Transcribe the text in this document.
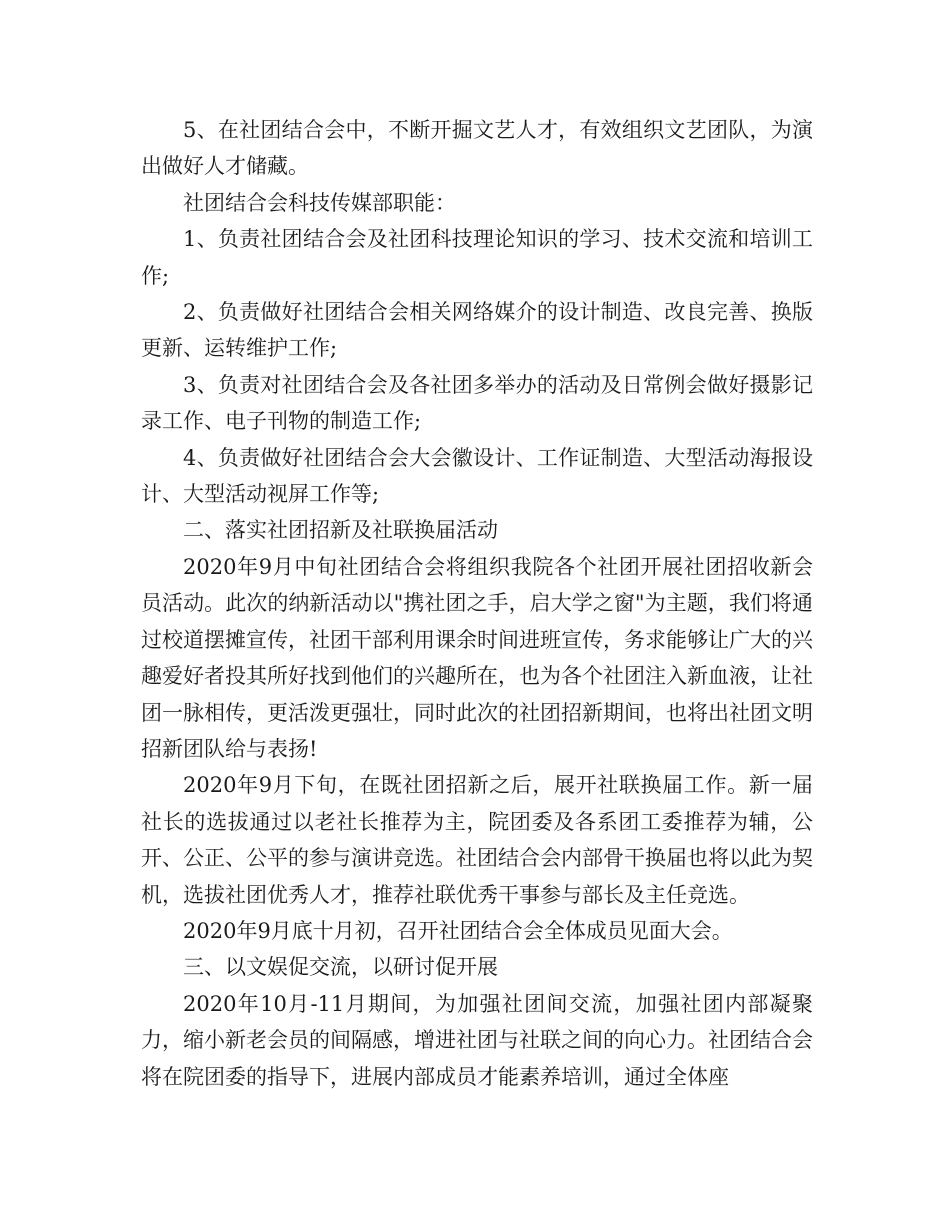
5、在社团结合会中，不断开掘文艺人才，有效组织文艺团队，为演出做好人才储藏。

社团结合会科技传媒部职能：

1、负责社团结合会及社团科技理论知识的学习、技术交流和培训工作;

2、负责做好社团结合会相关网络媒介的设计制造、改良完善、换版更新、运转维护工作;

3、负责对社团结合会及各社团多举办的活动及日常例会做好摄影记录工作、电子刊物的制造工作;

4、负责做好社团结合会大会徽设计、工作证制造、大型活动海报设计、大型活动视屏工作等;

二、落实社团招新及社联换届活动

2020年9月中旬社团结合会将组织我院各个社团开展社团招收新会员活动。此次的纳新活动以"携社团之手，启大学之窗"为主题，我们将通过校道摆摊宣传，社团干部利用课余时间进班宣传，务求能够让广大的兴趣爱好者投其所好找到他们的兴趣所在，也为各个社团注入新血液，让社团一脉相传，更活泼更强壮，同时此次的社团招新期间，也将出社团文明招新团队给与表扬!

2020年9月下旬，在既社团招新之后，展开社联换届工作。新一届社长的选拔通过以老社长推荐为主，院团委及各系团工委推荐为辅，公开、公正、公平的参与演讲竞选。社团结合会内部骨干换届也将以此为契机，选拔社团优秀人才，推荐社联优秀干事参与部长及主任竞选。

2020年9月底十月初，召开社团结合会全体成员见面大会。

三、以文娱促交流，以研讨促开展

2020年10月-11月期间，为加强社团间交流，加强社团内部凝聚力，缩小新老会员的间隔感，增进社团与社联之间的向心力。社团结合会将在院团委的指导下，进展内部成员才能素养培训，通过全体座
